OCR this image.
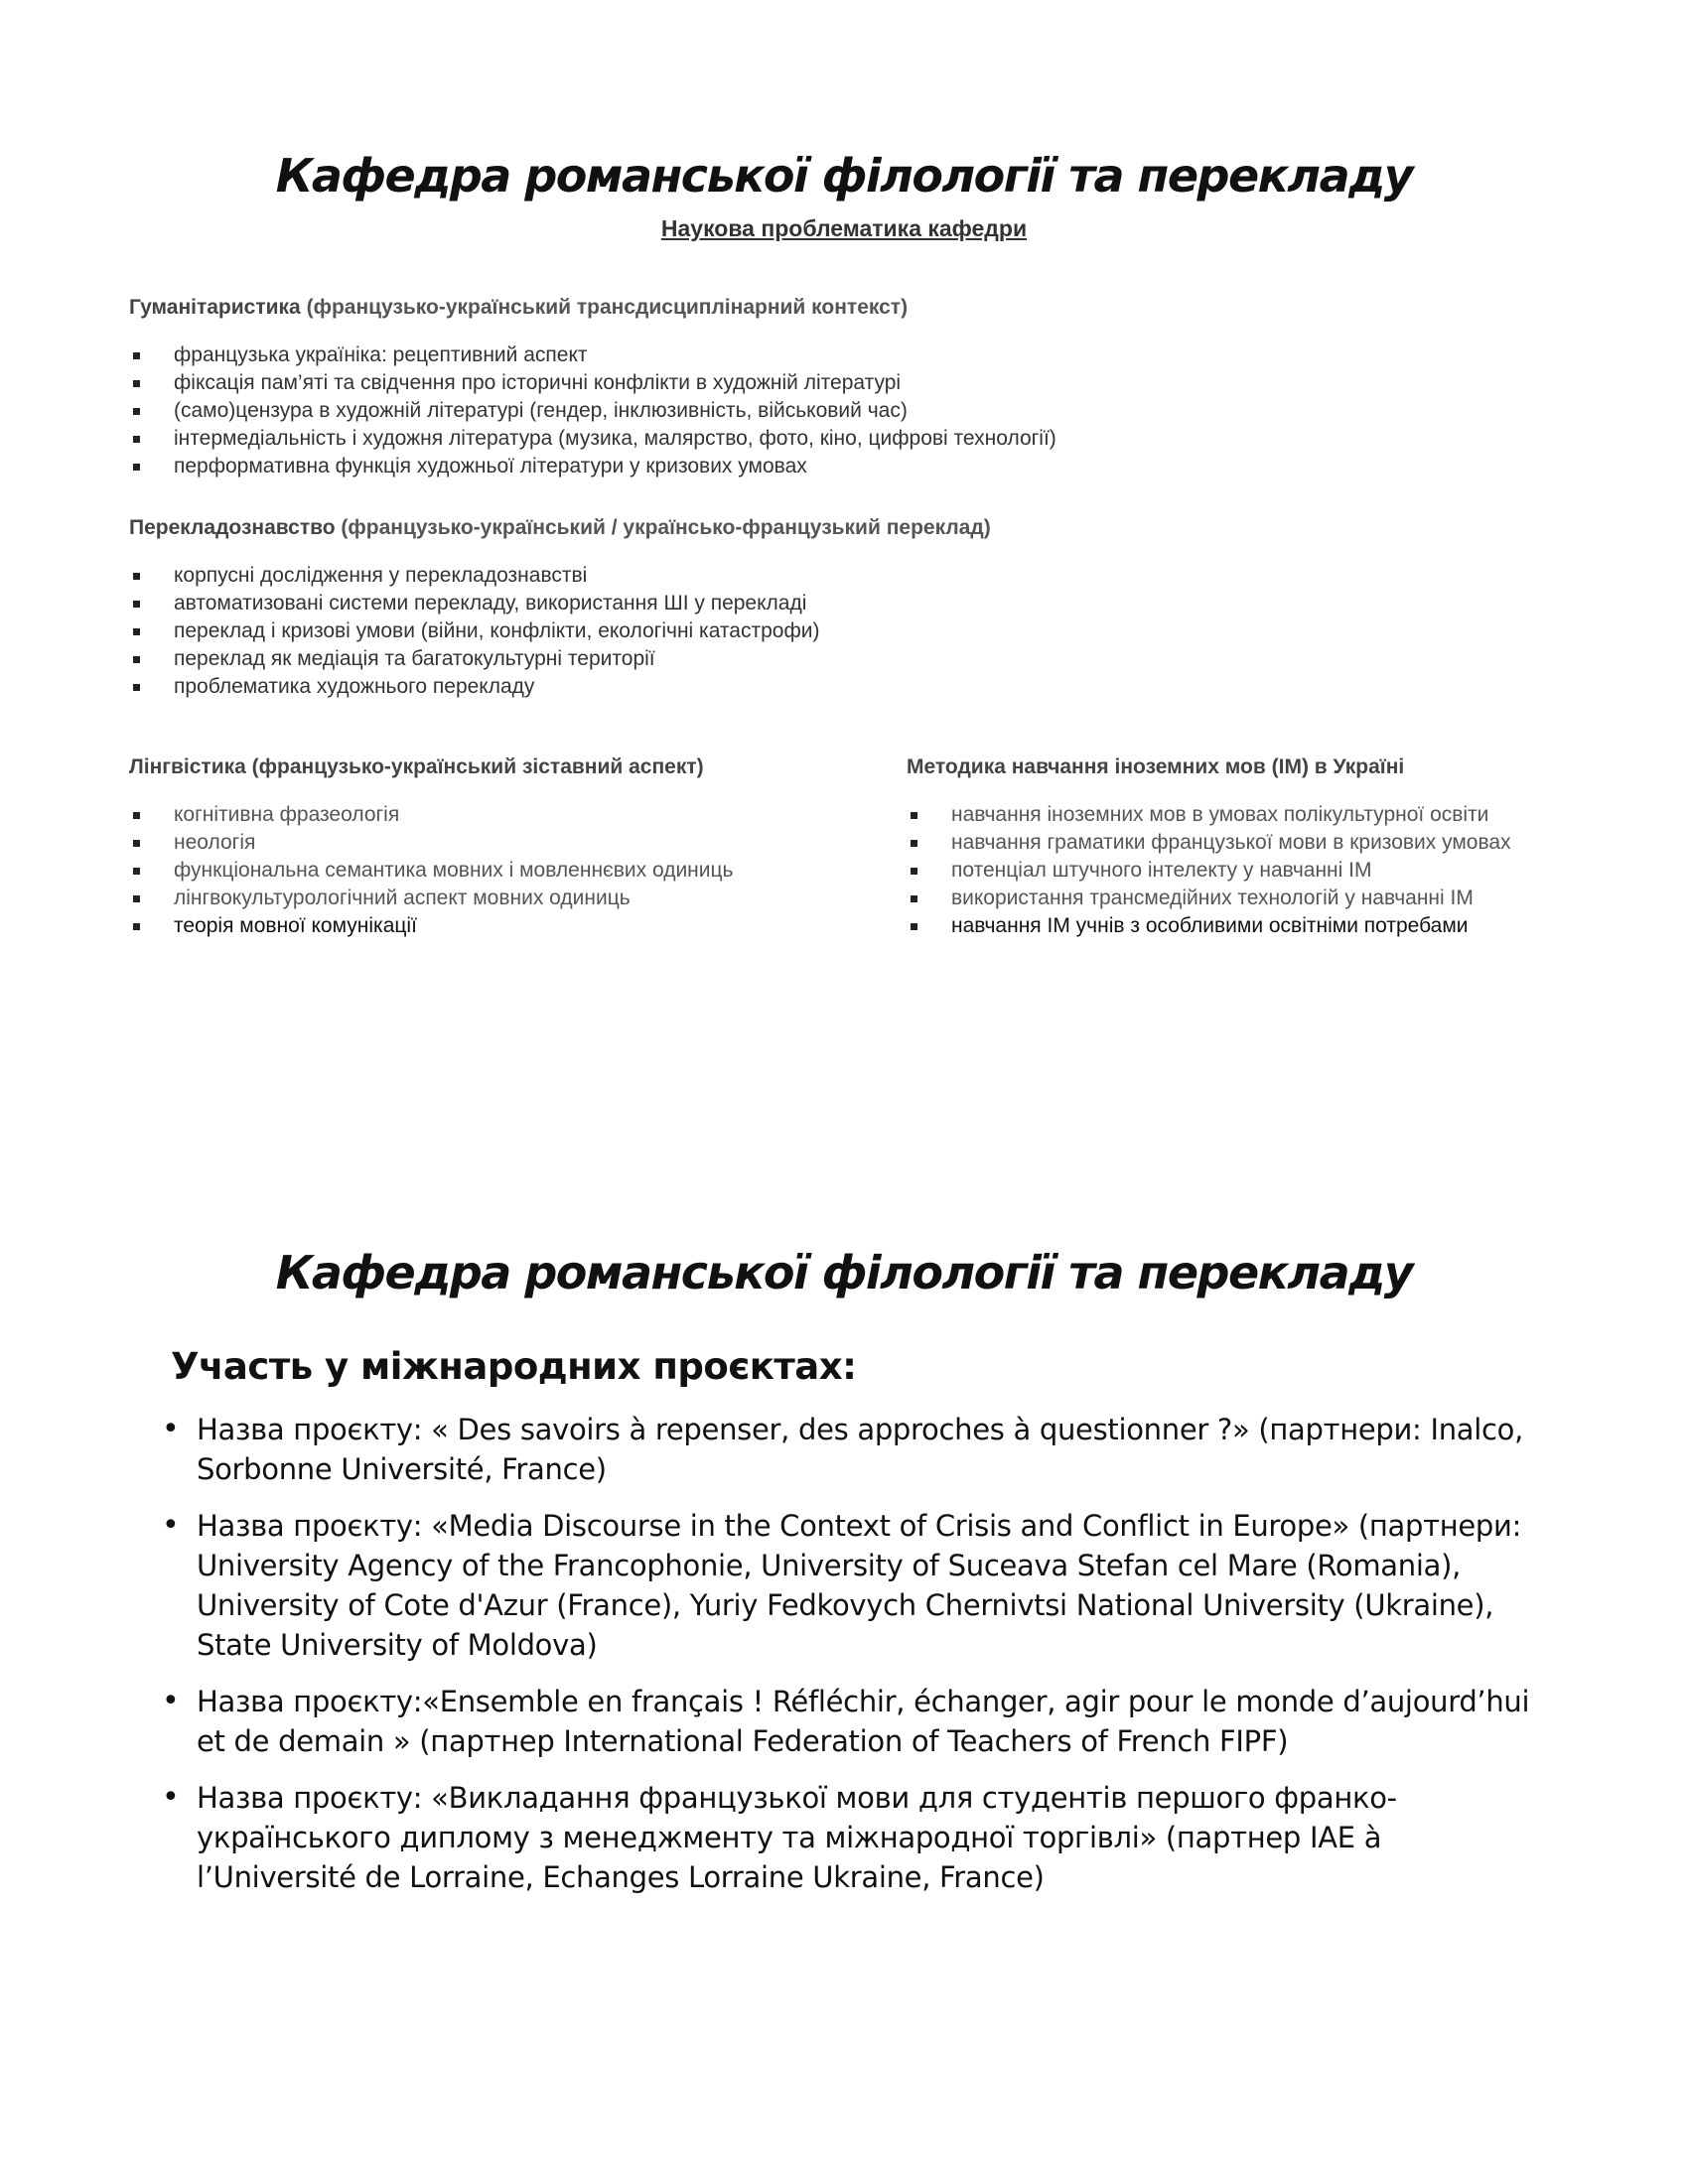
Кафедра романської філології та перекладу
Наукова проблематика кафедри
Гуманітаристика (французько-український трансдисциплінарний контекст)
французька україніка: рецептивний аспект
фіксація пам’яті та свідчення про історичні конфлікти в художній літературі
(само)цензура в художній літературі (гендер, інклюзивність, військовий час)
інтермедіальність і художня література (музика, малярство, фото, кіно, цифрові технології)
перформативна функція художньої літератури у кризових умовах
Перекладознавство (французько-український / українсько-французький переклад)
корпусні дослідження у перекладознавстві
автоматизовані системи перекладу, використання ШІ у перекладі
переклад і кризові умови (війни, конфлікти, екологічні катастрофи)
переклад як медіація та багатокультурні території
проблематика художнього перекладу
Лінгвістика (французько-український зіставний аспект)
когнітивна фразеологія
неологія
функціональна семантика мовних і мовленнєвих одиниць
лінгвокультурологічний аспект мовних одиниць
теорія мовної комунікації
Методика навчання іноземних мов (ІМ) в Україні
навчання іноземних мов в умовах полікультурної освіти
навчання граматики французької мови в кризових умовах
потенціал штучного інтелекту у навчанні ІМ
використання трансмедійних технологій у навчанні ІМ
навчання ІМ учнів з особливими освітніми потребами
Кафедра романської філології та перекладу
Участь у міжнародних проєктах:
• Назва проєкту: « Des savoirs à repenser, des approches à questionner ?» (партнери: Inalco, Sorbonne Université, France)
• Назва проєкту: «Media Discourse in the Context of Crisis and Conflict in Europe» (партнери: University Agency of the Francophonie, University of Suceava Stefan cel Mare (Romania), University of Cote d'Azur (France), Yuriy Fedkovych Chernivtsi National University (Ukraine), State University of Moldova)
• Назва проєкту:«Ensemble en français ! Réfléchir, échanger, agir pour le monde d’aujourd’hui et de demain » (партнер International Federation of Teachers of French FIPF)
• Назва проєкту: «Викладання французької мови для студентів першого франко-українського диплому з менеджменту та міжнародної торгівлі» (партнер IAE à l’Université de Lorraine, Echanges Lorraine Ukraine, France)
